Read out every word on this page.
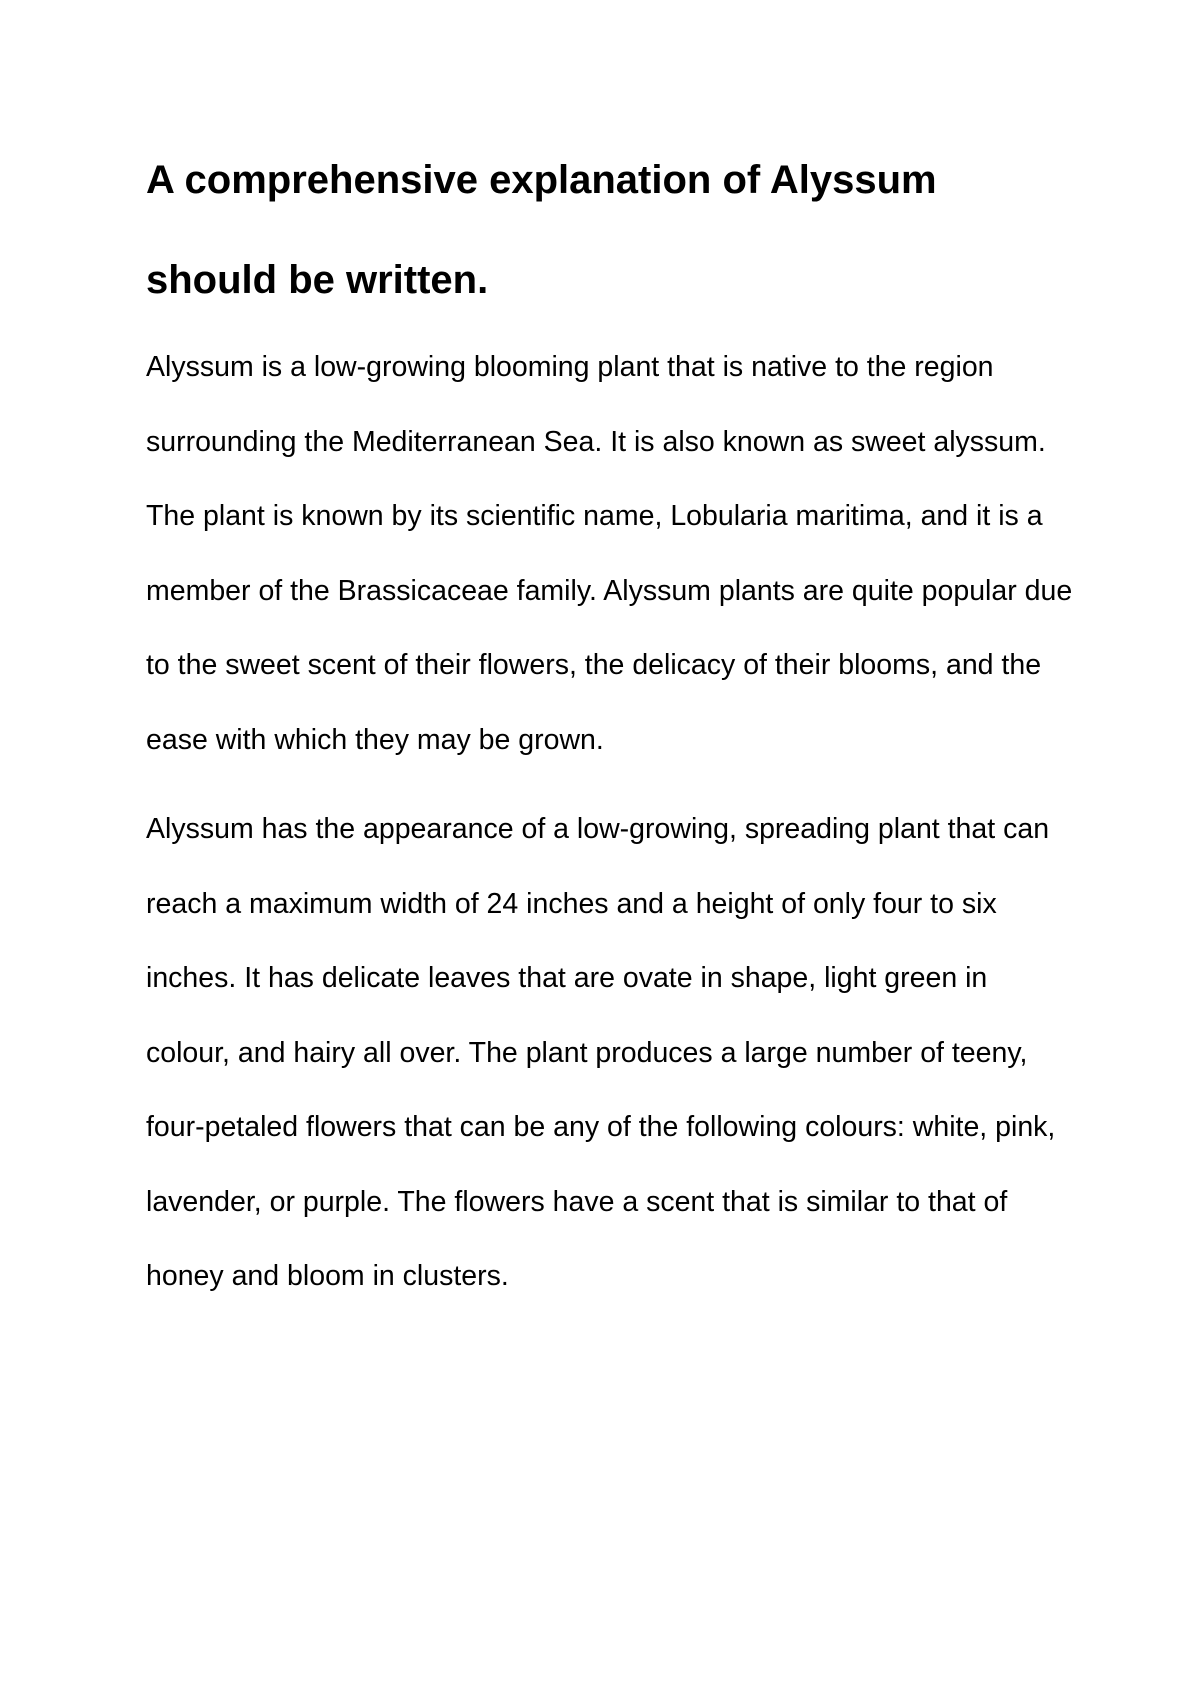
A comprehensive explanation of Alyssum should be written.

Alyssum is a low-growing blooming plant that is native to the region surrounding the Mediterranean Sea. It is also known as sweet alyssum. The plant is known by its scientific name, Lobularia maritima, and it is a member of the Brassicaceae family. Alyssum plants are quite popular due to the sweet scent of their flowers, the delicacy of their blooms, and the ease with which they may be grown.

Alyssum has the appearance of a low-growing, spreading plant that can reach a maximum width of 24 inches and a height of only four to six inches. It has delicate leaves that are ovate in shape, light green in colour, and hairy all over. The plant produces a large number of teeny, four-petaled flowers that can be any of the following colours: white, pink, lavender, or purple. The flowers have a scent that is similar to that of honey and bloom in clusters.
